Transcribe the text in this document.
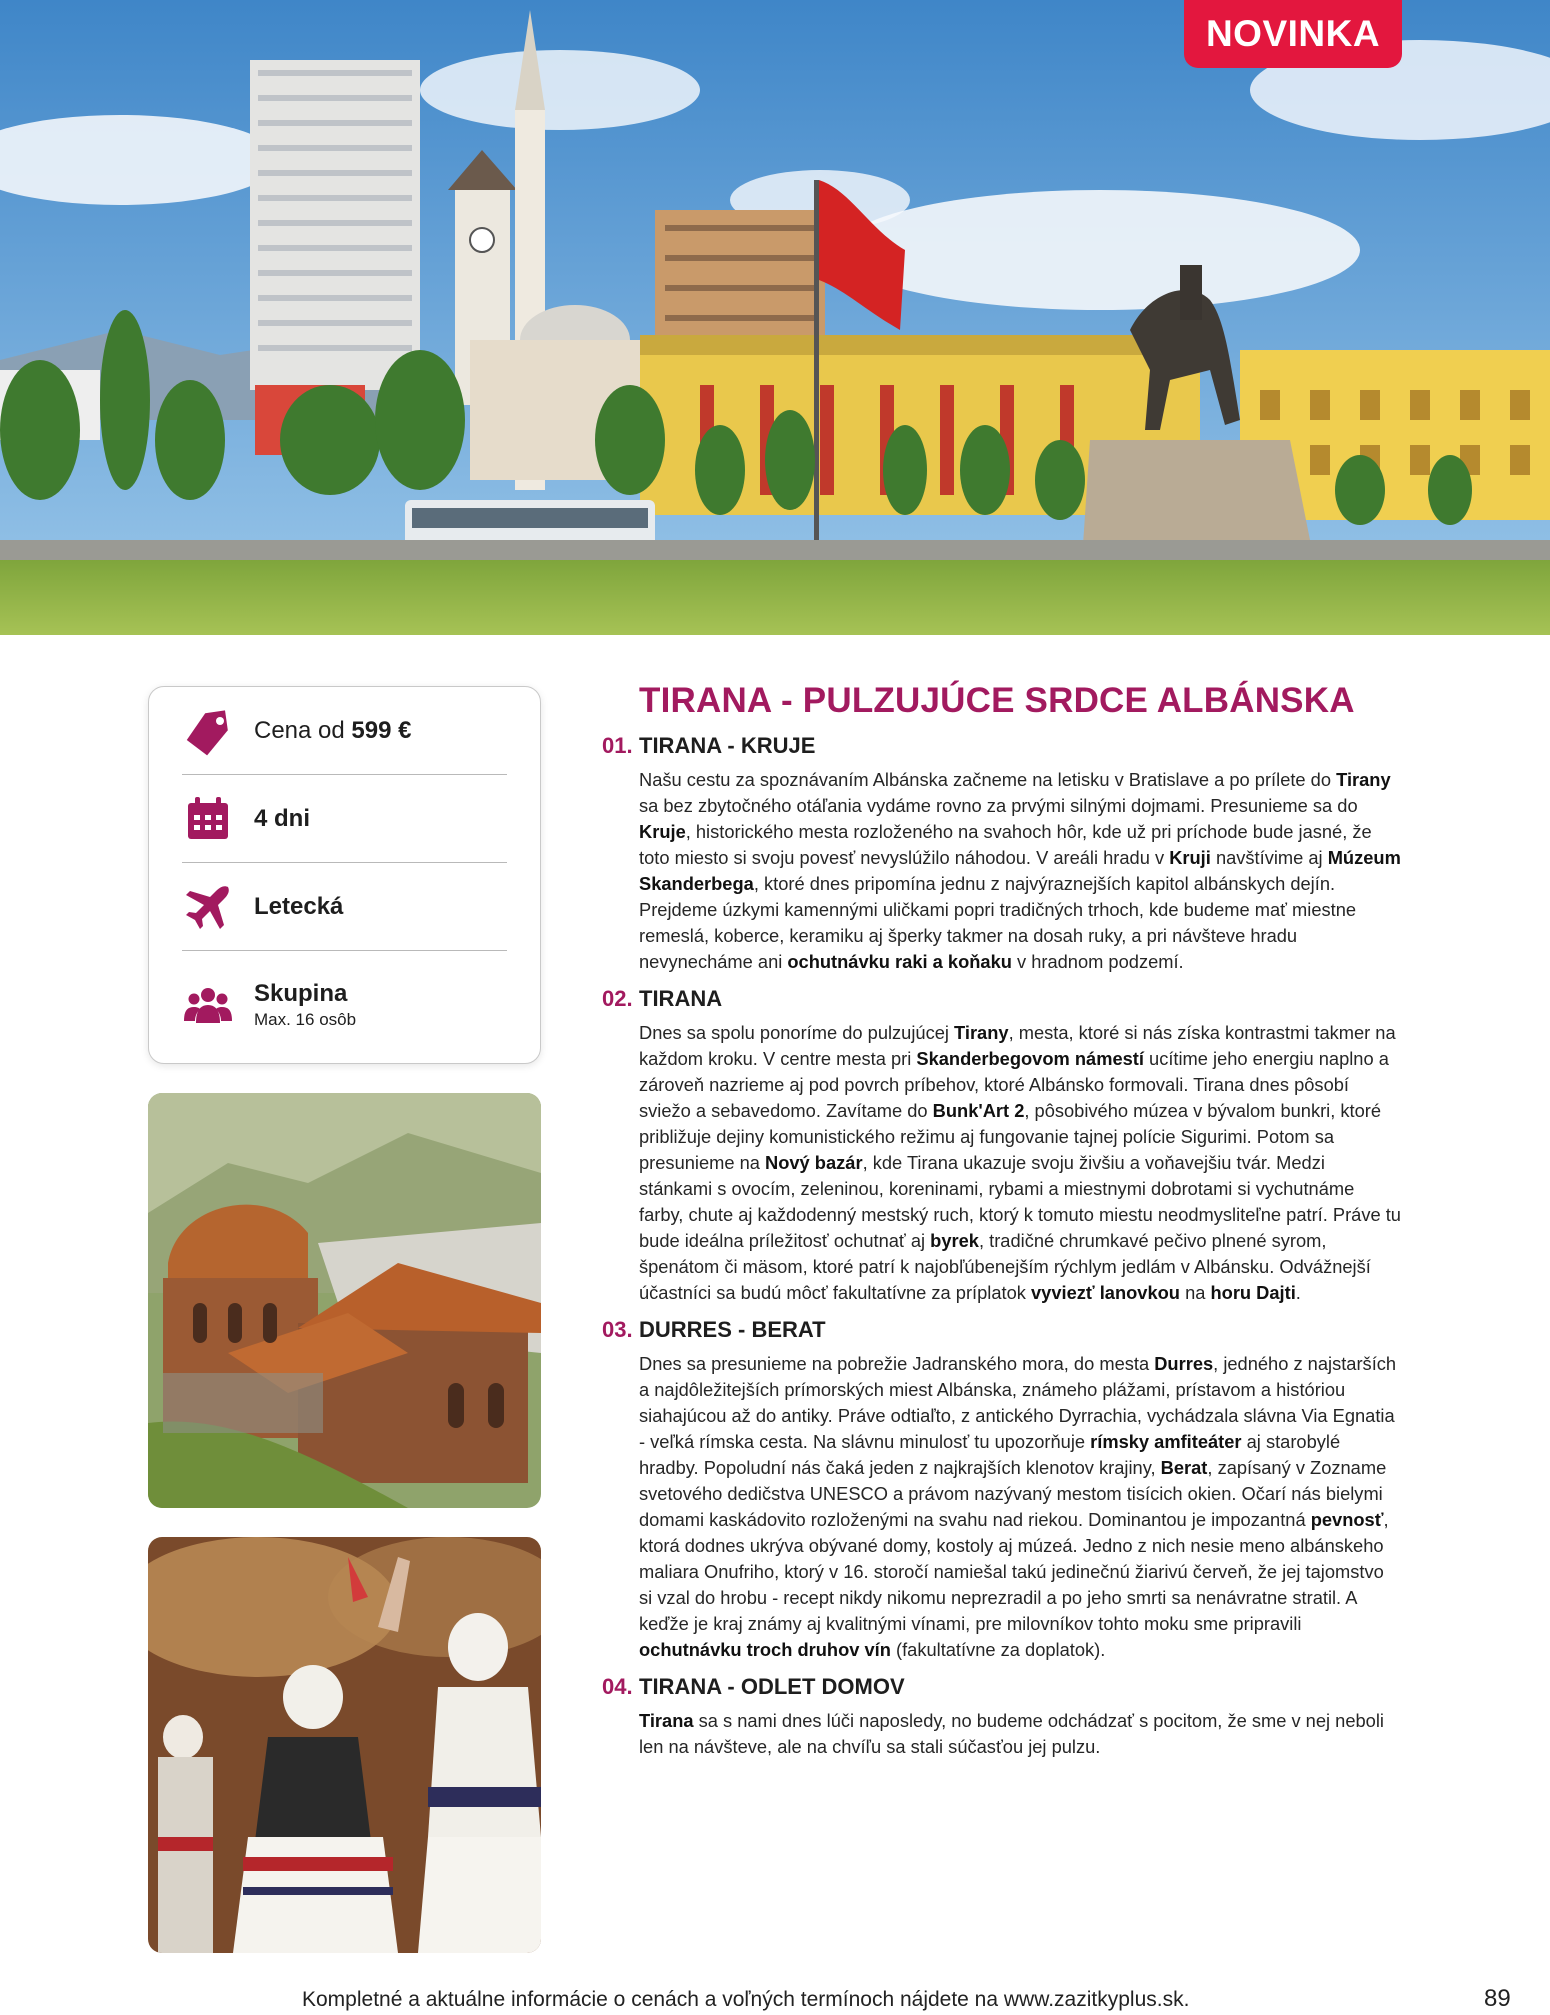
NOVINKA
Cena od 599 €
4 dni
Letecká
Skupina
Max. 16 osôb
TIRANA - PULZUJÚCE SRDCE ALBÁNSKA
01. TIRANA - KRUJE

Našu cestu za spoznávaním Albánska začneme na letisku v Bratislave a po prílete do Tirany sa bez zbytočného otáľania vydáme rovno za prvými silnými dojmami. Presunieme sa do Kruje, historického mesta rozloženého na svahoch hôr, kde už pri príchode bude jasné, že toto miesto si svoju povesť nevyslúžilo náhodou. V areáli hradu v Kruji navštívime aj Múzeum Skanderbega, ktoré dnes pripomína jednu z najvýraznejších kapitol albánskych dejín. Prejdeme úzkymi kamennými uličkami popri tradičných trhoch, kde budeme mať miestne remeslá, koberce, keramiku aj šperky takmer na dosah ruky, a pri návšteve hradu nevynecháme ani ochutnávku raki a koňaku v hradnom podzemí.

02. TIRANA

Dnes sa spolu ponoríme do pulzujúcej Tirany, mesta, ktoré si nás získa kontrastmi takmer na každom kroku. V centre mesta pri Skanderbegovom námestí ucítime jeho energiu naplno a zároveň nazrieme aj pod povrch príbehov, ktoré Albánsko formovali. Tirana dnes pôsobí sviežo a sebavedomo. Zavítame do Bunk'Art 2, pôsobivého múzea v bývalom bunkri, ktoré približuje dejiny komunistického režimu aj fungovanie tajnej polície Sigurimi. Potom sa presunieme na Nový bazár, kde Tirana ukazuje svoju živšiu a voňavejšiu tvár. Medzi stánkami s ovocím, zeleninou, koreninami, rybami a miestnymi dobrotami si vychutnáme farby, chute aj každodenný mestský ruch, ktorý k tomuto miestu neodmysliteľne patrí. Práve tu bude ideálna príležitosť ochutnať aj byrek, tradičné chrumkavé pečivo plnené syrom, špenátom či mäsom, ktoré patrí k najobľúbenejším rýchlym jedlám v Albánsku. Odvážnejší účastníci sa budú môcť fakultatívne za príplatok vyviezť lanovkou na horu Dajti.

03. DURRES - BERAT

Dnes sa presunieme na pobrežie Jadranského mora, do mesta Durres, jedného z najstarších a najdôležitejších prímorských miest Albánska, známeho plážami, prístavom a históriou siahajúcou až do antiky. Práve odtiaľto, z antického Dyrrachia, vychádzala slávna Via Egnatia - veľká rímska cesta. Na slávnu minulosť tu upozorňuje rímsky amfiteáter aj starobylé hradby. Popoludní nás čaká jeden z najkrajších klenotov krajiny, Berat, zapísaný v Zozname svetového dedičstva UNESCO a právom nazývaný mestom tisícich okien. Očarí nás bielymi domami kaskádovito rozloženými na svahu nad riekou. Dominantou je impozantná pevnosť, ktorá dodnes ukrýva obývané domy, kostoly aj múzeá. Jedno z nich nesie meno albánskeho maliara Onufriho, ktorý v 16. storočí namiešal takú jedinečnú žiarivú červeň, že jej tajomstvo si vzal do hrobu - recept nikdy nikomu neprezradil a po jeho smrti sa nenávratne stratil. A keďže je kraj známy aj kvalitnými vínami, pre milovníkov tohto moku sme pripravili ochutnávku troch druhov vín (fakultatívne za doplatok).

04. TIRANA - ODLET DOMOV

Tirana sa s nami dnes lúči naposledy, no budeme odchádzať s pocitom, že sme v nej neboli len na návšteve, ale na chvíľu sa stali súčasťou jej pulzu.

Kompletné a aktuálne informácie o cenách a voľných termínoch nájdete na www.zazitkyplus.sk.	89
